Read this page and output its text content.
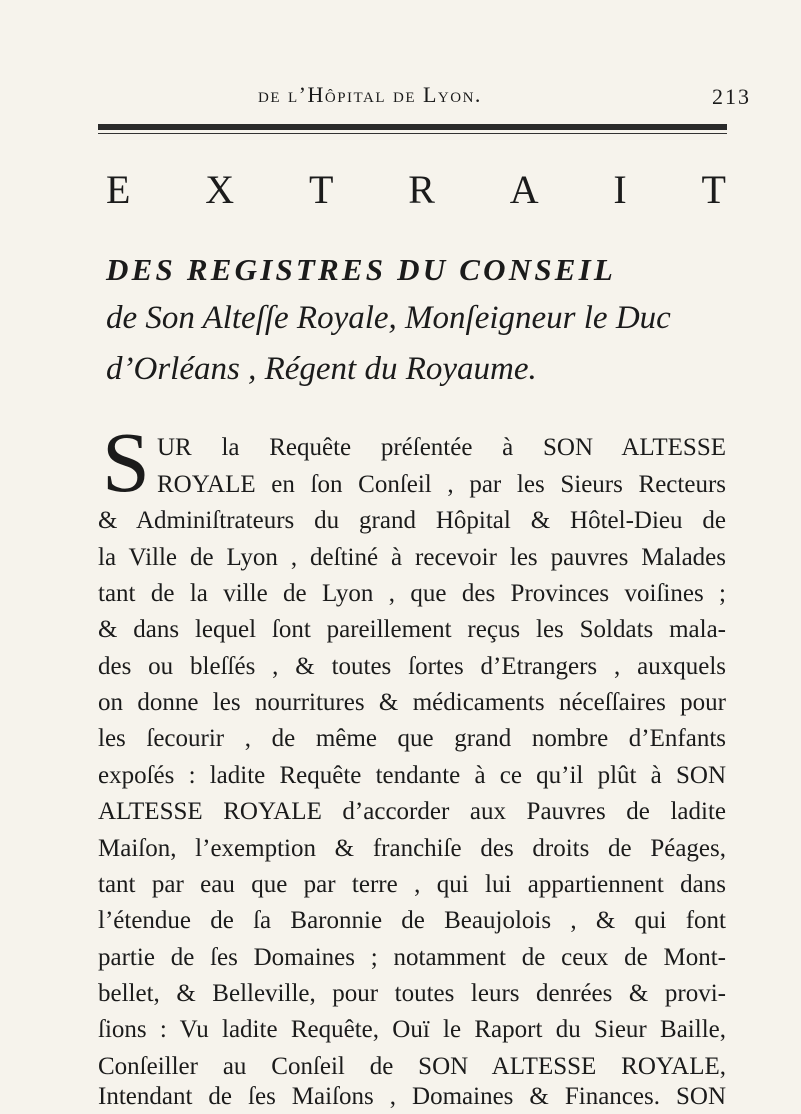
de l’Hôpital de Lyon.	213
E X T R A I T
DES REGISTRES DU CONSEIL
de Son Alteſſe Royale, Monſeigneur le Duc
d’Orléans , Régent du Royaume.
S UR la Requête préſentée à SON ALTESSE
ROYALE en ſon Conſeil , par les Sieurs Recteurs
& Adminiſtrateurs du grand Hôpital & Hôtel-Dieu de
la Ville de Lyon , deſtiné à recevoir les pauvres Malades
tant de la ville de Lyon , que des Provinces voiſines ;
& dans lequel ſont pareillement reçus les Soldats mala-
des ou bleſſés , & toutes ſortes d’Etrangers , auxquels
on donne les nourritures & médicaments néceſſaires pour
les ſecourir , de même que grand nombre d’Enfants
expoſés : ladite Requête tendante à ce qu’il plût à SON
ALTESSE ROYALE d’accorder aux Pauvres de ladite
Maiſon, l’exemption & franchiſe des droits de Péages,
tant par eau que par terre , qui lui appartiennent dans
l’étendue de ſa Baronnie de Beaujolois , & qui font
partie de ſes Domaines ; notamment de ceux de Mont-
bellet, & Belleville, pour toutes leurs denrées & provi-
ſions : Vu ladite Requête, Ouï le Raport du Sieur Baille,
Conſeiller au Conſeil de SON ALTESSE ROYALE,
Intendant de ſes Maiſons , Domaines & Finances. SON
